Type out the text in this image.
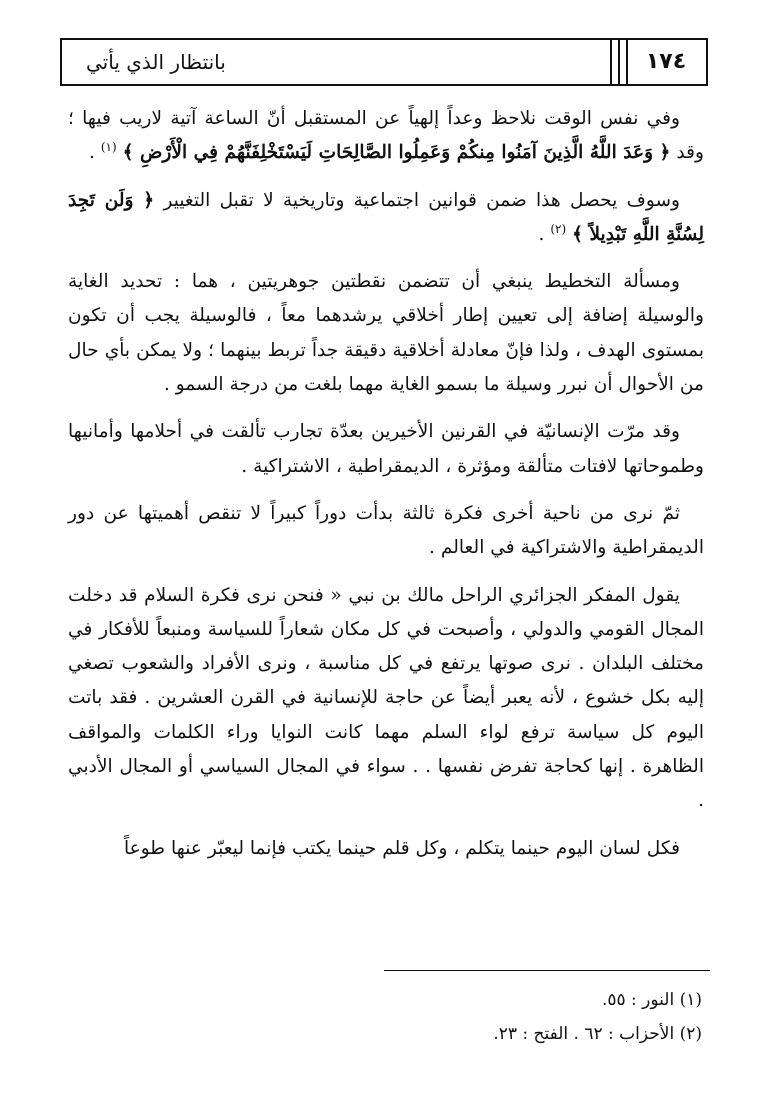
بانتظار الذي يأتي	١٧٤

وفي نفس الوقت نلاحظ وعداً إلهياً عن المستقبل أنّ الساعة آتية لاريب فيها ؛ وقد ﴿ وَعَدَ اللَّهُ الَّذِينَ آمَنُوا مِنكُمْ وَعَمِلُوا الصَّالِحَاتِ لَيَسْتَخْلِفَنَّهُمْ فِي الْأَرْضِ ﴾ $^{(١)}$ .

وسوف يحصل هذا ضمن قوانين اجتماعية وتاريخية لا تقبل التغيير ﴿ وَلَن تَجِدَ لِسُنَّةِ اللَّهِ تَبْدِيلاً ﴾ $^{(٢)}$ .

ومسألة التخطيط ينبغي أن تتضمن نقطتين جوهريتين ، هما : تحديد الغاية والوسيلة إضافة إلى تعيين إطار أخلاقي يرشدهما معاً ، فالوسيلة يجب أن تكون بمستوى الهدف ، ولذا فإنّ معادلة أخلاقية دقيقة جداً تربط بينهما ؛ ولا يمكن بأي حال من الأحوال أن نبرر وسيلة ما بسمو الغاية مهما بلغت من درجة السمو .

وقد مرّت الإنسانيّة في القرنين الأخيرين بعدّة تجارب تألقت في أحلامها وأمانيها وطموحاتها لافتات متألقة ومؤثرة ، الديمقراطية ، الاشتراكية .

ثمّ نرى من ناحية أخرى فكرة ثالثة بدأت دوراً كبيراً لا تنقص أهميتها عن دور الديمقراطية والاشتراكية في العالم .

يقول المفكر الجزائري الراحل مالك بن نبي « فنحن نرى فكرة السلام قد دخلت المجال القومي والدولي ، وأصبحت في كل مكان شعاراً للسياسة ومنبعاً للأفكار في مختلف البلدان . نرى صوتها يرتفع في كل مناسبة ، ونرى الأفراد والشعوب تصغي إليه بكل خشوع ، لأنه يعبر أيضاً عن حاجة للإنسانية في القرن العشرين . فقد باتت اليوم كل سياسة ترفع لواء السلم مهما كانت النوايا وراء الكلمات والمواقف الظاهرة . إنها كحاجة تفرض نفسها . . سواء في المجال السياسي أو المجال الأدبي .

فكل لسان اليوم حينما يتكلم ، وكل قلم حينما يكتب فإنما ليعبّر عنها طوعاً

(١) النور : ٥٥.
(٢) الأحزاب : ٦٢ . الفتح : ٢٣.
